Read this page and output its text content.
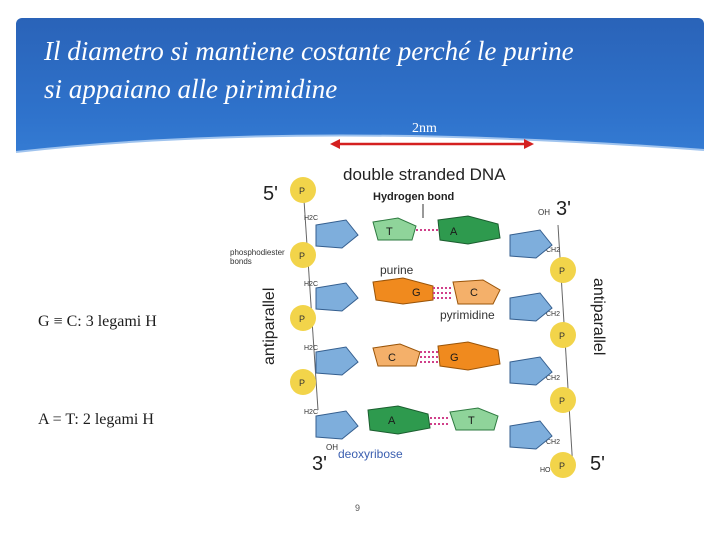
Il diametro si mantiene costante perché le purine
si appaiano alle pirimidine
2nm
double stranded DNA
Hydrogen bond
5'
3'
3'	5'
phosphodiester
bonds
antiparallel	antiparallel
purine
pyrimidine
deoxyribose
P
P
P
P
H2C
H2C
H2C
H2C
OH
P
P
P
P
CH2
CH2
CH2
CH2
OH
HO
T	A
G	C
C	G
A	T
G ≡ C: 3 legami H
A = T: 2 legami H
9
